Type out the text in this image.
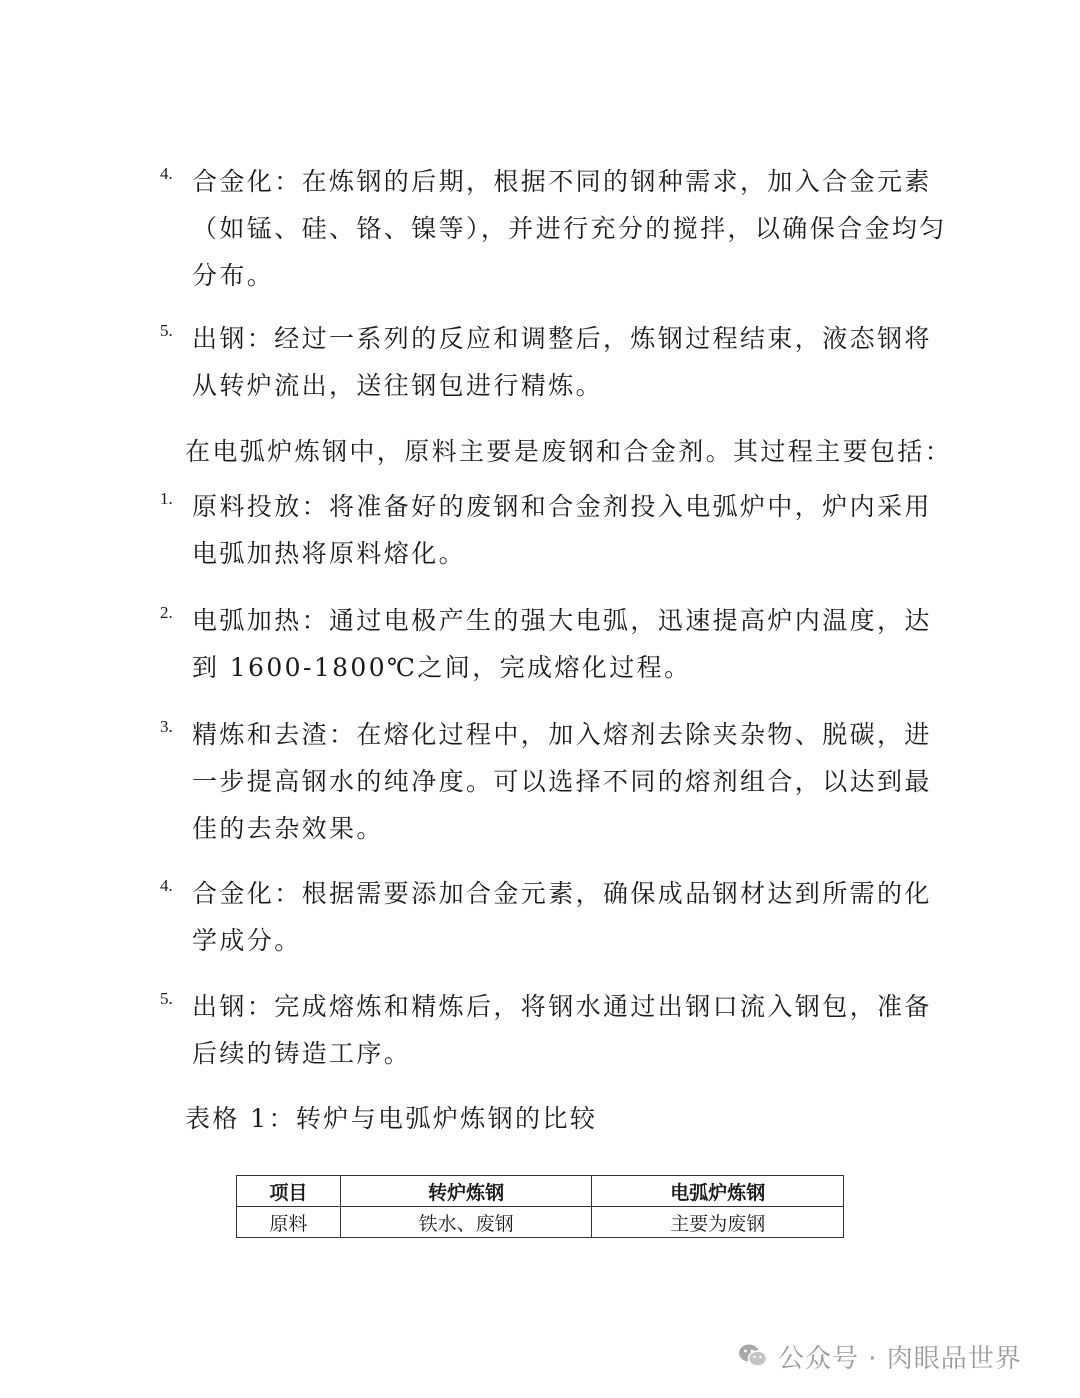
4. 合金化：在炼钢的后期，根据不同的钢种需求，加入合金元素（如锰、硅、铬、镍等），并进行充分的搅拌，以确保合金均匀分布。
5. 出钢：经过一系列的反应和调整后，炼钢过程结束，液态钢将从转炉流出，送往钢包进行精炼。
在电弧炉炼钢中，原料主要是废钢和合金剂。其过程主要包括：
1. 原料投放：将准备好的废钢和合金剂投入电弧炉中，炉内采用电弧加热将原料熔化。
2. 电弧加热：通过电极产生的强大电弧，迅速提高炉内温度，达到 1600-1800℃之间，完成熔化过程。
3. 精炼和去渣：在熔化过程中，加入熔剂去除夹杂物、脱碳，进一步提高钢水的纯净度。可以选择不同的熔剂组合，以达到最佳的去杂效果。
4. 合金化：根据需要添加合金元素，确保成品钢材达到所需的化学成分。
5. 出钢：完成熔炼和精炼后，将钢水通过出钢口流入钢包，准备后续的铸造工序。
表格 1：转炉与电弧炉炼钢的比较
项目	转炉炼钢	电弧炉炼钢
原料	铁水、废钢	主要为废钢
公众号 · 肉眼品世界
